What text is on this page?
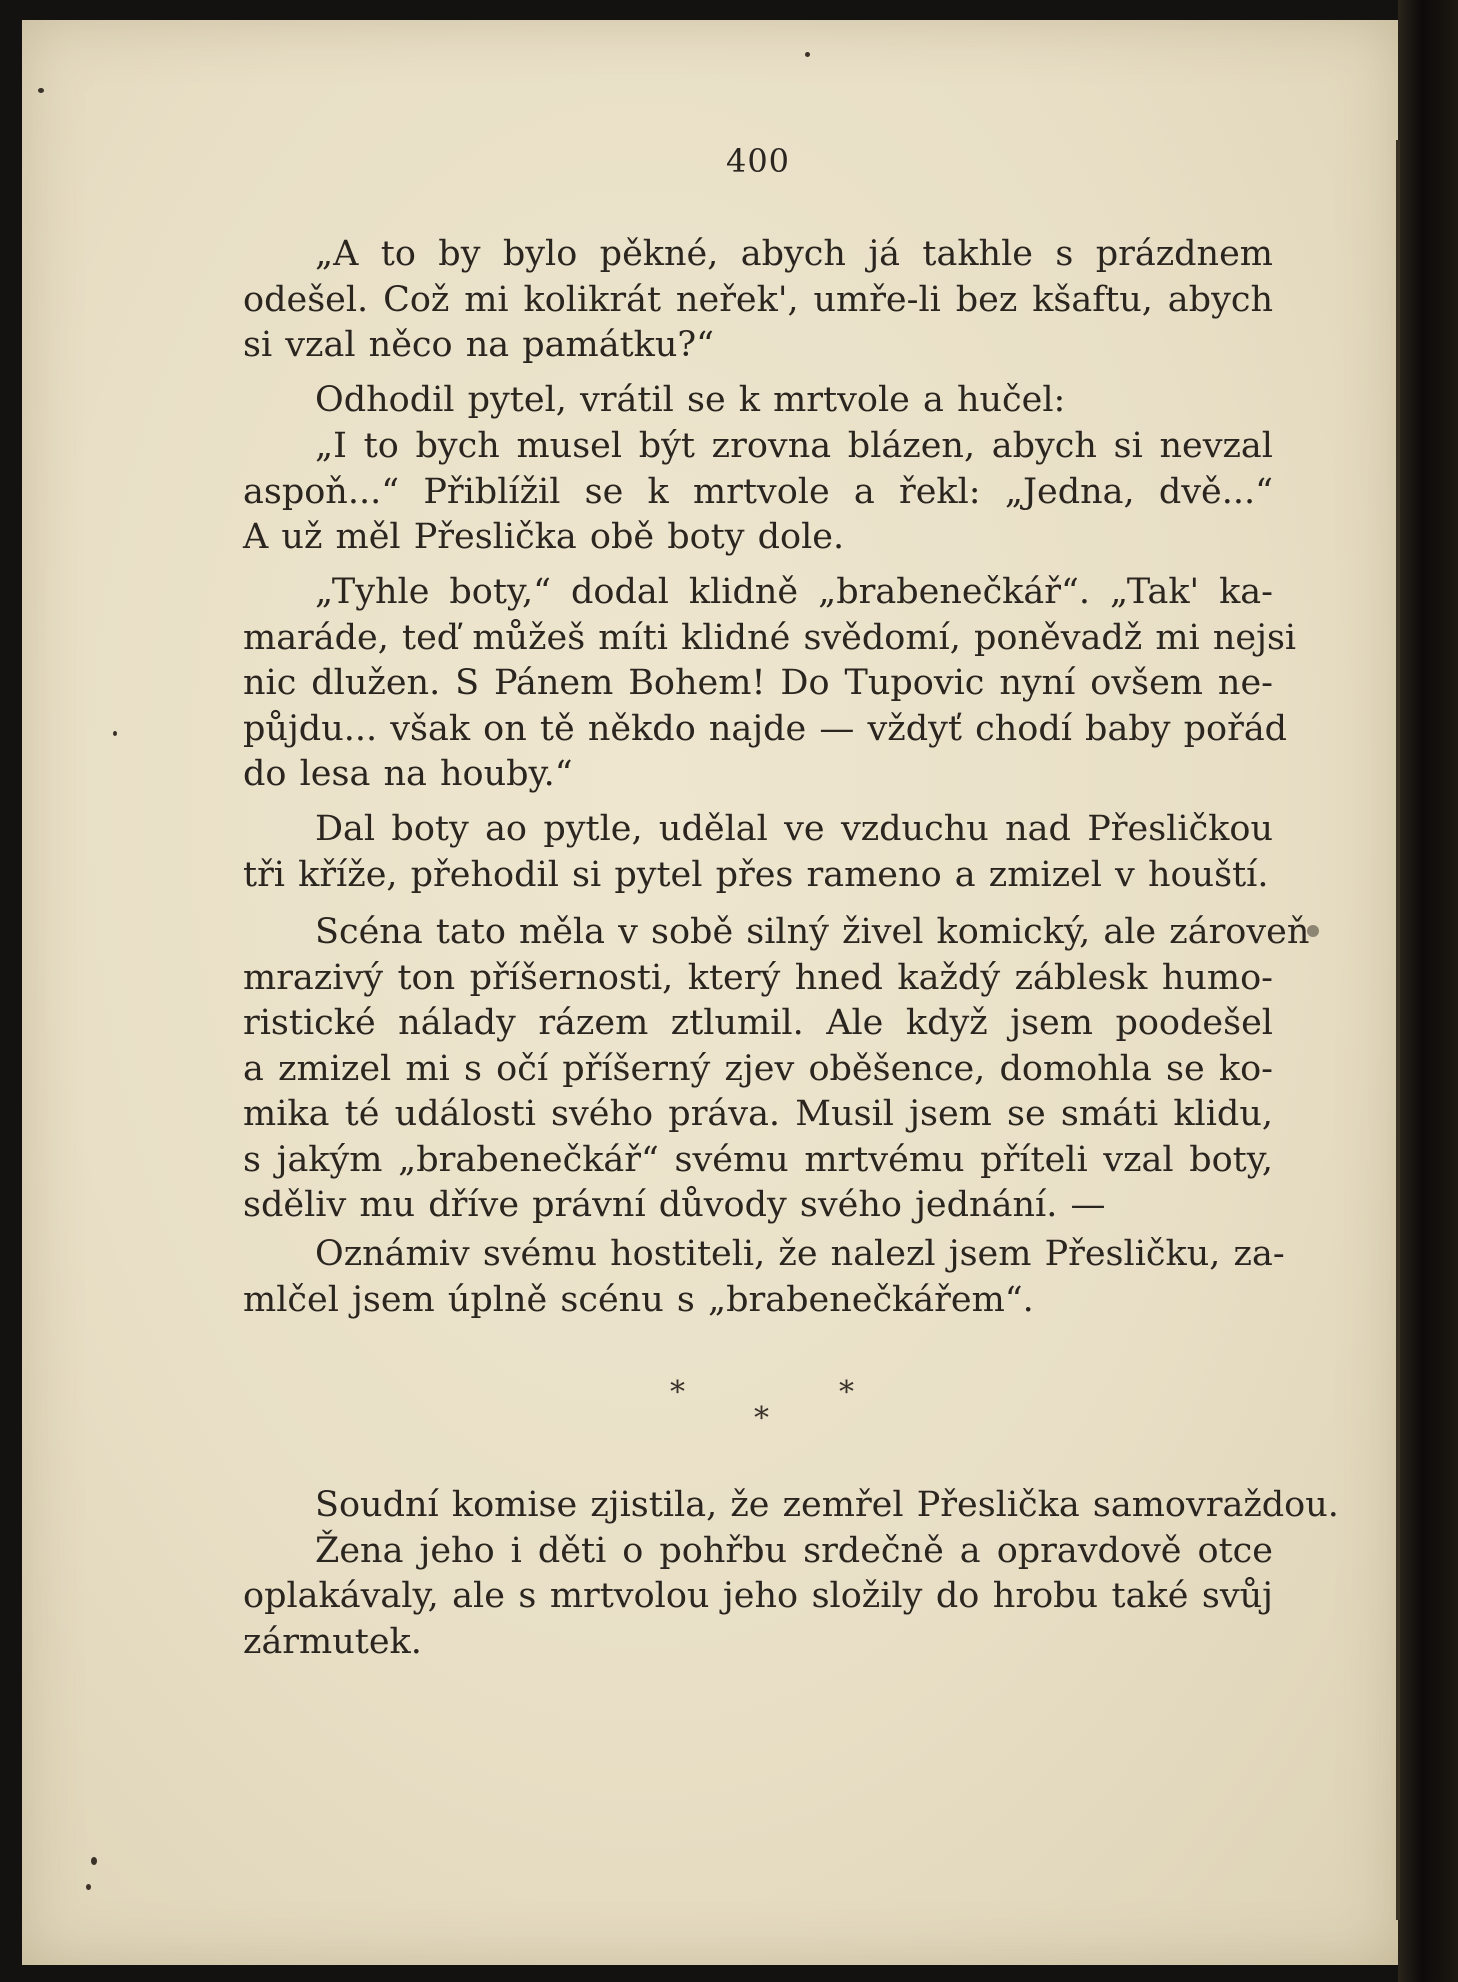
400
„A to by bylo pěkné, abych já takhle s prázdnem
odešel. Což mi kolikrát neřek', umře-li bez kšaftu, abych
si vzal něco na památku?“
Odhodil pytel, vrátil se k mrtvole a hučel:
„I to bych musel být zrovna blázen, abych si nevzal
aspoň...“ Přiblížil se k mrtvole a řekl: „Jedna, dvě...“
A už měl Přeslička obě boty dole.
„Tyhle boty,“ dodal klidně „brabenečkář“. „Tak' ka-
maráde, teď můžeš míti klidné svědomí, poněvadž mi nejsi
nic dlužen. S Pánem Bohem! Do Tupovic nyní ovšem ne-
půjdu... však on tě někdo najde — vždyť chodí baby pořád
do lesa na houby.“
Dal boty ao pytle, udělal ve vzduchu nad Přesličkou
tři kříže, přehodil si pytel přes rameno a zmizel v houští.
Scéna tato měla v sobě silný živel komický, ale zároveň
mrazivý ton příšernosti, který hned každý záblesk humo-
ristické nálady rázem ztlumil. Ale když jsem poodešel
a zmizel mi s očí příšerný zjev oběšence, domohla se ko-
mika té události svého práva. Musil jsem se smáti klidu,
s jakým „brabenečkář“ svému mrtvému příteli vzal boty,
sděliv mu dříve právní důvody svého jednání. —
Oznámiv svému hostiteli, že nalezl jsem Přesličku, za-
mlčel jsem úplně scénu s „brabenečkářem“.
*	*
*
Soudní komise zjistila, že zemřel Přeslička samovraždou.
Žena jeho i děti o pohřbu srdečně a opravdově otce
oplakávaly, ale s mrtvolou jeho složily do hrobu také svůj
zármutek.
